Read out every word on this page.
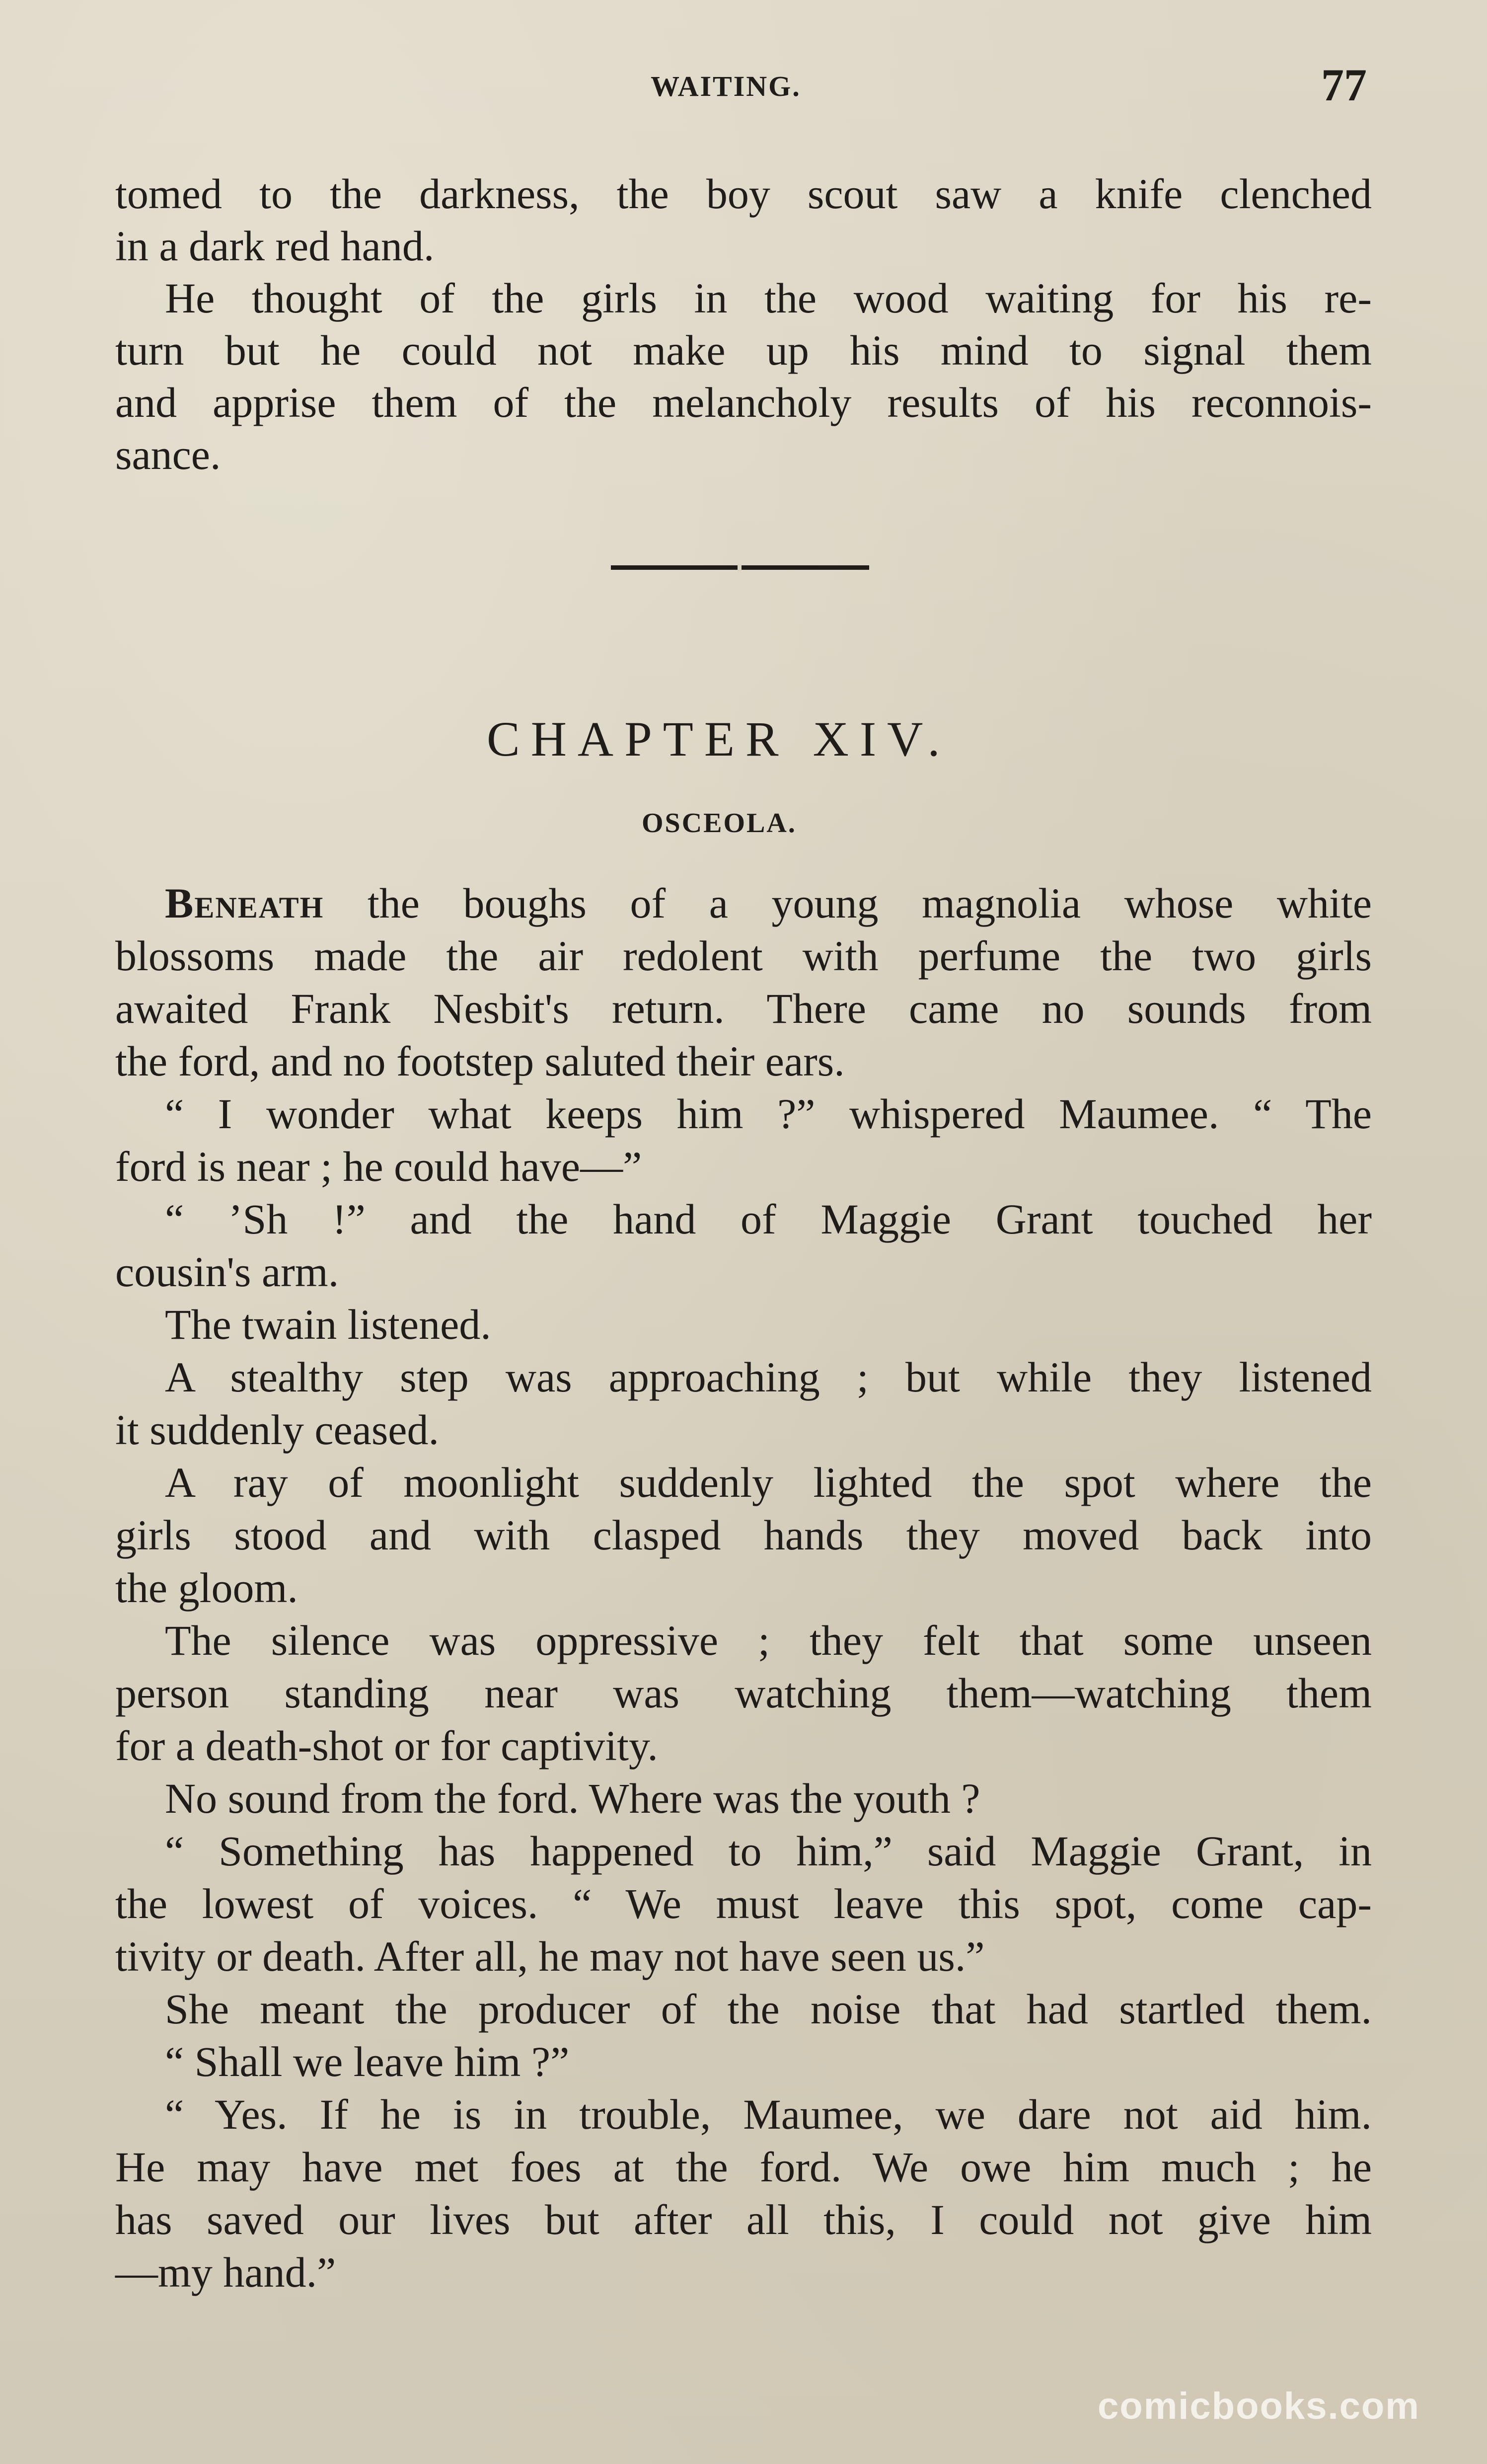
WAITING.	77
tomed to the darkness, the boy scout saw a knife clenched
in a dark red hand.
He thought of the girls in the wood waiting for his re-
turn but he could not make up his mind to signal them
and apprise them of the melancholy results of his reconnois-
sance.
CHAPTER XIV.
OSCEOLA.
Beneath the boughs of a young magnolia whose white
blossoms made the air redolent with perfume the two girls
awaited Frank Nesbit's return. There came no sounds from
the ford, and no footstep saluted their ears.
“ I wonder what keeps him ?” whispered Maumee. “ The
ford is near ; he could have—”
“ ’Sh !” and the hand of Maggie Grant touched her
cousin's arm.
The twain listened.
A stealthy step was approaching ; but while they listened
it suddenly ceased.
A ray of moonlight suddenly lighted the spot where the
girls stood and with clasped hands they moved back into
the gloom.
The silence was oppressive ; they felt that some unseen
person standing near was watching them—watching them
for a death-shot or for captivity.
No sound from the ford. Where was the youth ?
“ Something has happened to him,” said Maggie Grant, in
the lowest of voices. “ We must leave this spot, come cap-
tivity or death. After all, he may not have seen us.”
She meant the producer of the noise that had startled them.
“ Shall we leave him ?”
“ Yes. If he is in trouble, Maumee, we dare not aid him.
He may have met foes at the ford. We owe him much ; he
has saved our lives but after all this, I could not give him
—my hand.”
comicbooks.com
